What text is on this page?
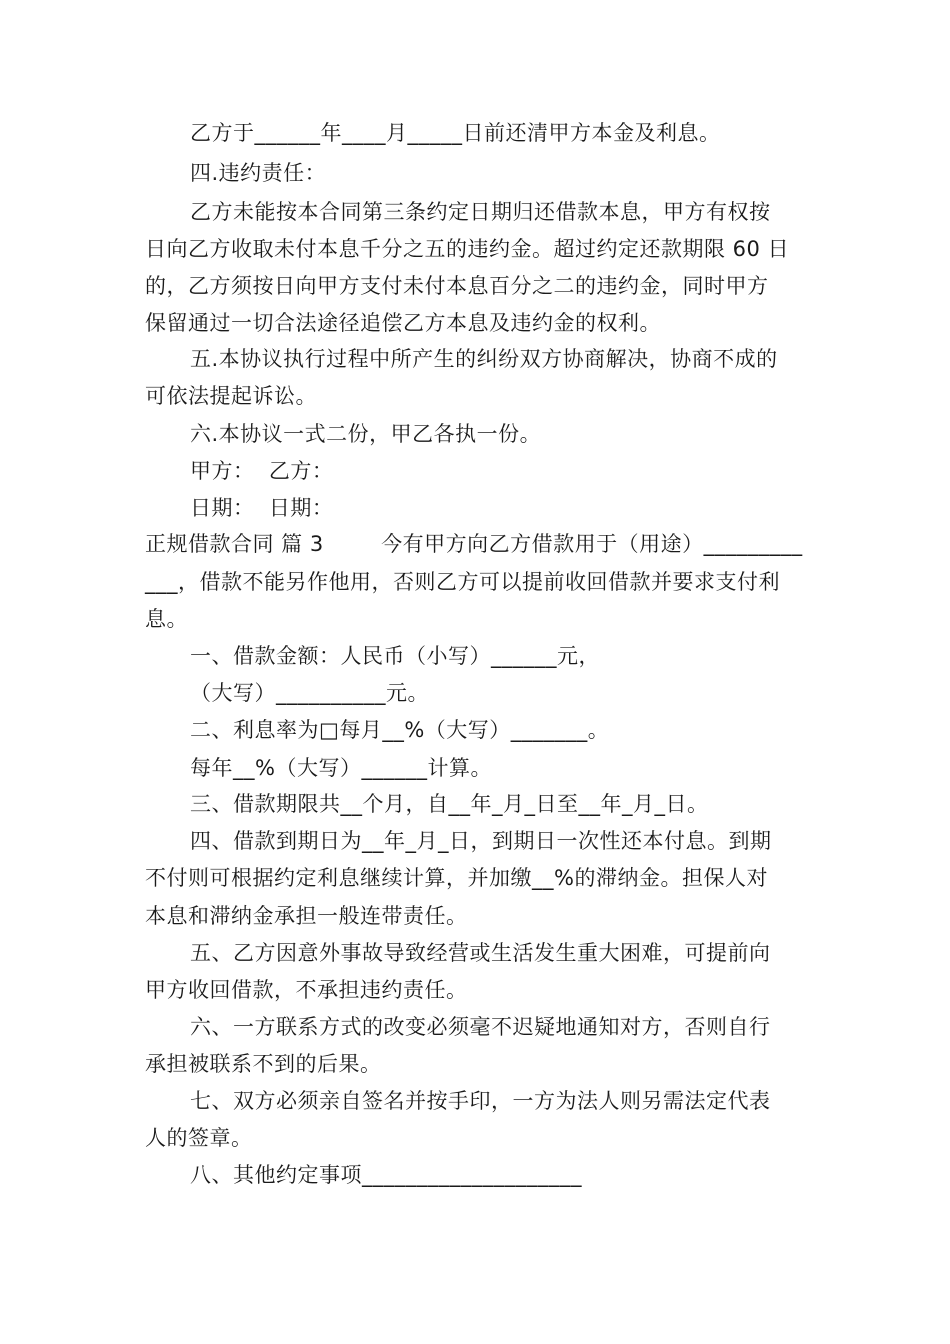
乙方于______年____月_____日前还清甲方本金及利息。
四.违约责任：
乙方未能按本合同第三条约定日期归还借款本息，甲方有权按
日向乙方收取未付本息千分之五的违约金。超过约定还款期限 60 日
的，乙方须按日向甲方支付未付本息百分之二的违约金，同时甲方
保留通过一切合法途径追偿乙方本息及违约金的权利。
五.本协议执行过程中所产生的纠纷双方协商解决，协商不成的
可依法提起诉讼。
六.本协议一式二份，甲乙各执一份。
甲方：  乙方：
日期：  日期：
正规借款合同 篇 3        今有甲方向乙方借款用于（用途）_________
___，借款不能另作他用，否则乙方可以提前收回借款并要求支付利
息。
一、借款金额：人民币（小写）______元，
（大写）__________元。
二、利息率为□每月__%（大写）_______。
每年__%（大写）______计算。
三、借款期限共__个月，自__年_月_日至__年_月_日。
四、借款到期日为__年_月_日，到期日一次性还本付息。到期
不付则可根据约定利息继续计算，并加缴__%的滞纳金。担保人对
本息和滞纳金承担一般连带责任。
五、乙方因意外事故导致经营或生活发生重大困难，可提前向
甲方收回借款，不承担违约责任。
六、一方联系方式的改变必须毫不迟疑地通知对方，否则自行
承担被联系不到的后果。
七、双方必须亲自签名并按手印，一方为法人则另需法定代表
人的签章。
八、其他约定事项____________________
